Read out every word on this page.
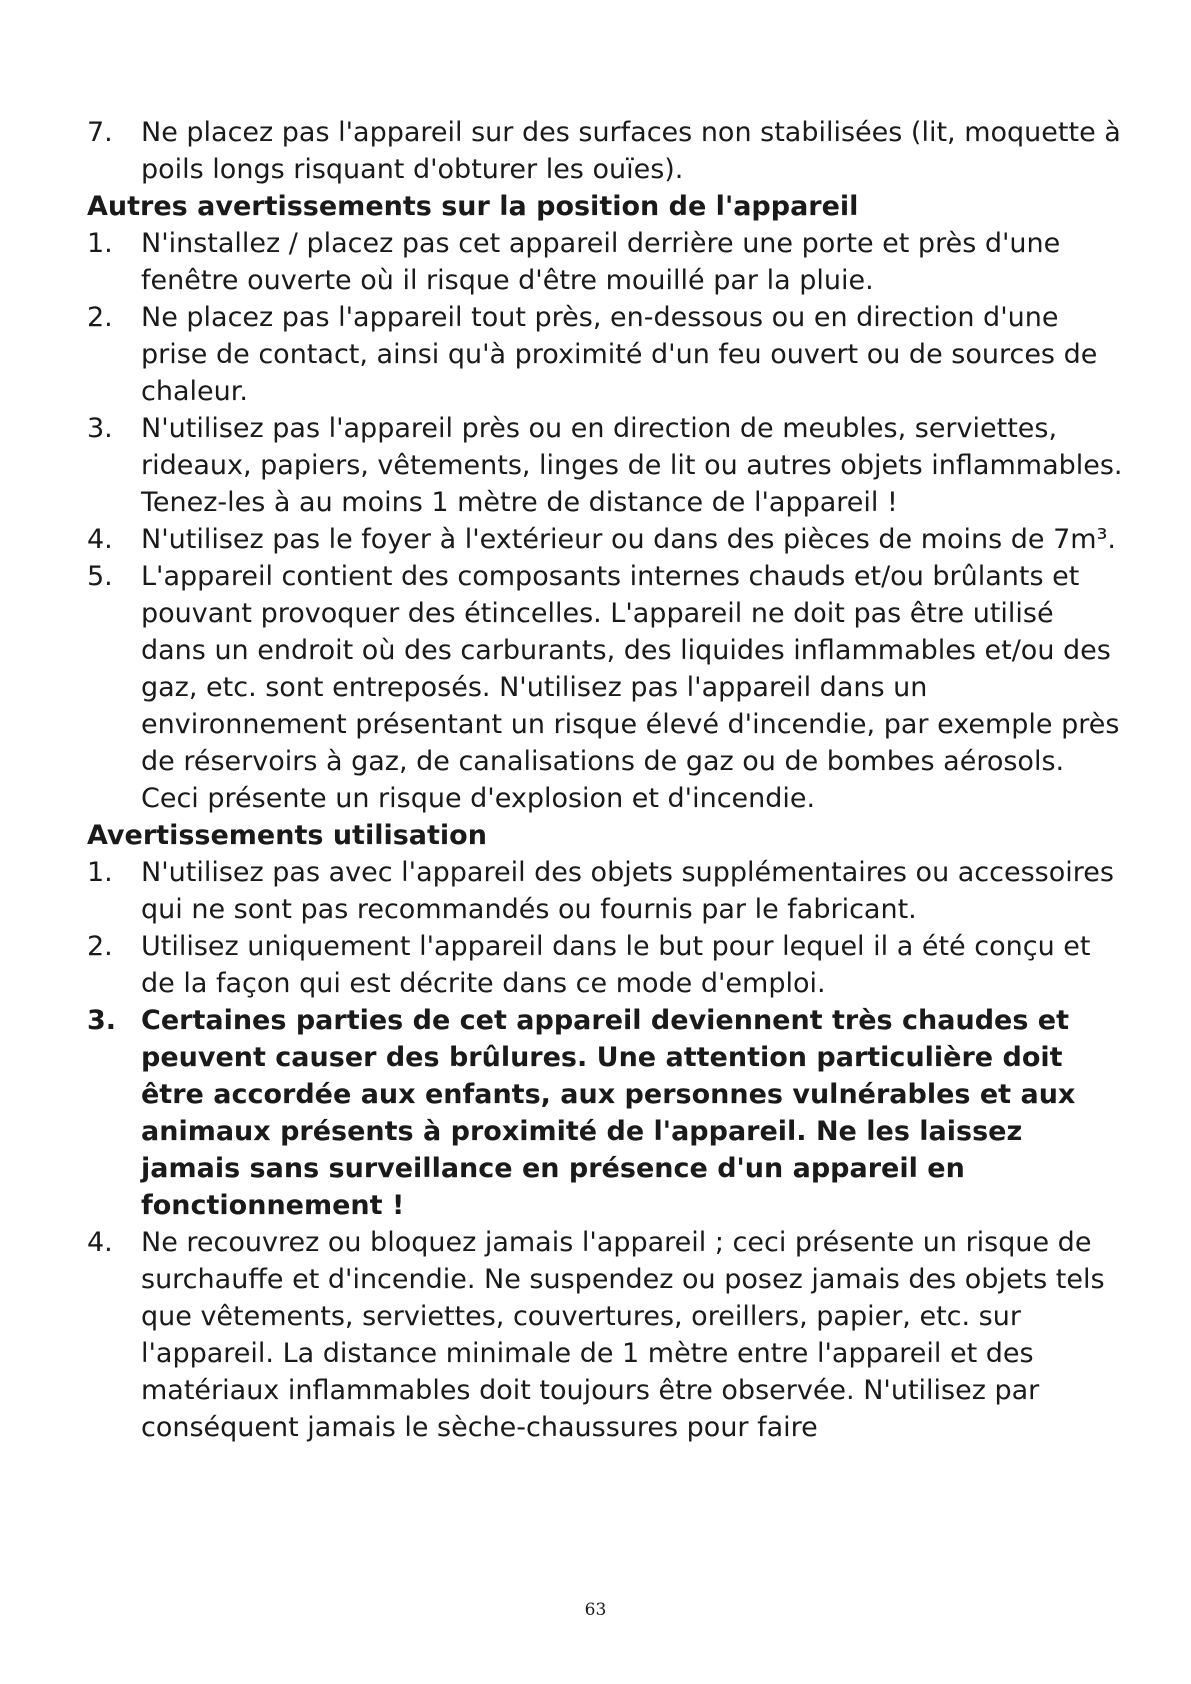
7.	Ne placez pas l'appareil sur des surfaces non stabilisées (lit, moquette à poils longs risquant d'obturer les ouïes).
Autres avertissements sur la position de l'appareil
1.	N'installez / placez pas cet appareil derrière une porte et près d'une fenêtre ouverte où il risque d'être mouillé par la pluie.
2.	Ne placez pas l'appareil tout près, en-dessous ou en direction d'une prise de contact, ainsi qu'à proximité d'un feu ouvert ou de sources de chaleur.
3.	N'utilisez pas l'appareil près ou en direction de meubles, serviettes, rideaux, papiers, vêtements, linges de lit ou autres objets inflammables. Tenez-les à au moins 1 mètre de distance de l'appareil !
4.	N'utilisez pas le foyer à l'extérieur ou dans des pièces de moins de 7m³.
5.	L'appareil contient des composants internes chauds et/ou brûlants et pouvant provoquer des étincelles. L'appareil ne doit pas être utilisé dans un endroit où des carburants, des liquides inflammables et/ou des gaz, etc. sont entreposés. N'utilisez pas l'appareil dans un environnement présentant un risque élevé d'incendie, par exemple près de réservoirs à gaz, de canalisations de gaz ou de bombes aérosols. Ceci présente un risque d'explosion et d'incendie.
Avertissements utilisation
1.	N'utilisez pas avec l'appareil des objets supplémentaires ou accessoires qui ne sont pas recommandés ou fournis par le fabricant.
2.	Utilisez uniquement l'appareil dans le but pour lequel il a été conçu et de la façon qui est décrite dans ce mode d'emploi.
3. Certaines parties de cet appareil deviennent très chaudes et peuvent causer des brûlures. Une attention particulière doit être accordée aux enfants, aux personnes vulnérables et aux animaux présents à proximité de l'appareil. Ne les laissez jamais sans surveillance en présence d'un appareil en fonctionnement !
4.	Ne recouvrez ou bloquez jamais l'appareil ; ceci présente un risque de surchauffe et d'incendie. Ne suspendez ou posez jamais des objets tels que vêtements, serviettes, couvertures, oreillers, papier, etc. sur l'appareil. La distance minimale de 1 mètre entre l'appareil et des matériaux inflammables doit toujours être observée. N'utilisez par conséquent jamais le sèche-chaussures pour faire
63
